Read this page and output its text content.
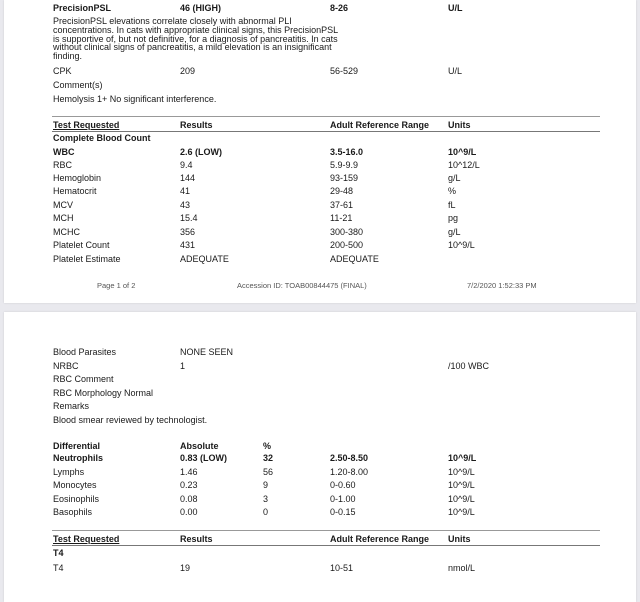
PrecisionPSL	46 (HIGH)	8-26	U/L
PrecisionPSL elevations correlate closely with abnormal PLI concentrations. In cats with appropriate clinical signs, this PrecisionPSL is supportive of, but not definitive, for a diagnosis of pancreatitis. In cats without clinical signs of pancreatitis, a mild elevation is an insignificant finding.
CPK	209	56-529	U/L
Comment(s)
Hemolysis 1+ No significant interference.
Test Requested	Results	Adult Reference Range Units
Complete Blood Count
WBC	2.6 (LOW)	3.5-16.0	10^9/L
RBC	9.4	5.9-9.9	10^12/L
Hemoglobin	144	93-159	g/L
Hematocrit	41	29-48	%
MCV	43	37-61	fL
MCH	15.4	11-21	pg
MCHC	356	300-380	g/L
Platelet Count	431	200-500	10^9/L
Platelet Estimate	ADEQUATE	ADEQUATE
Page 1 of 2	Accession ID: TOAB00844475 (FINAL)	7/2/2020 1:52:33 PM
Blood Parasites	NONE SEEN
NRBC	1	/100 WBC
RBC Comment
RBC Morphology Normal
Remarks
Blood smear reviewed by technologist.
Differential	Absolute	%
Neutrophils	0.83 (LOW)	32	2.50-8.50	10^9/L
Lymphs	1.46	56	1.20-8.00	10^9/L
Monocytes	0.23	9	0-0.60	10^9/L
Eosinophils	0.08	3	0-1.00	10^9/L
Basophils	0.00	0	0-0.15	10^9/L
Test Requested	Results	Adult Reference Range Units
T4
T4	19	10-51	nmol/L
